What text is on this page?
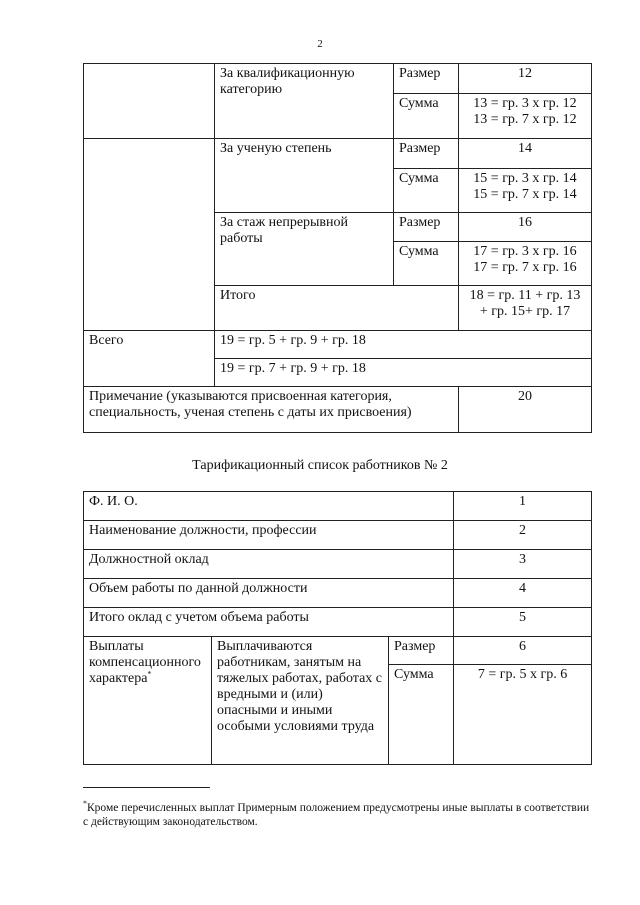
2
	За квалификационную категорию	Размер	12
		Сумма	13 = гр. 3 х гр. 12
13 = гр. 7 х гр. 12

	За ученую степень	Размер	14
		Сумма	15 = гр. 3 х гр. 14
15 = гр. 7 х гр. 14

	За стаж непрерывной работы	Размер	16
		Сумма	17 = гр. 3 х гр. 16
17 = гр. 7 х гр. 16

	Итого		18 = гр. 11 + гр. 13
+ гр. 15+ гр. 17

Всего	19 = гр. 5 + гр. 9 + гр. 18		
	19 = гр. 7 + гр. 9 + гр. 18		
Примечание (указываются присвоенная категория, специальность, ученая степень с даты их присвоения)			20
Тарификационный список работников № 2
Ф. И. О.			1
Наименование должности, профессии			2
Должностной оклад			3
Объем работы по данной должности			4
Итого оклад с учетом объема работы			5
Выплаты компенсационного характера*	Выплачиваются работникам, занятым на тяжелых работах, работах с вредными и (или) опасными и иными особыми условиями труда	Размер	6
		Сумма	7 = гр. 5 х гр. 6
*Кроме перечисленных выплат Примерным положением предусмотрены иные выплаты в соответствии с действующим законодательством.
